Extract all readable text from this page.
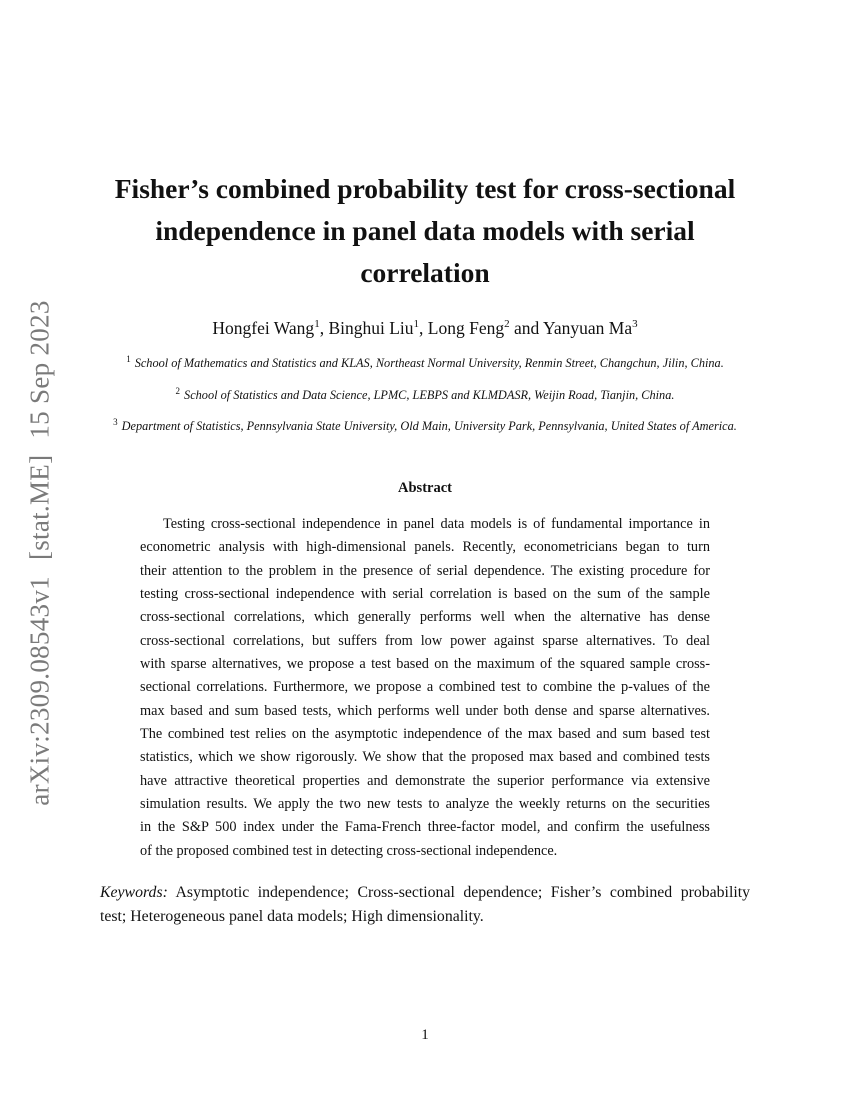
arXiv:2309.08543v1[stat.ME]15 Sep 2023
Fisher’s combined probability test for cross-sectional
independence in panel data models with serial
correlation
Hongfei Wang$^1$, Binghui Liu$^1$, Long Feng$^2$ and Yanyuan Ma$^3$
$^1$ School of Mathematics and Statistics and KLAS, Northeast Normal University, Renmin Street, Changchun, Jilin, China.
$^2$ School of Statistics and Data Science, LPMC, LEBPS and KLMDASR, Weijin Road, Tianjin, China.
$^3$ Department of Statistics, Pennsylvania State University, Old Main, University Park, Pennsylvania, United States of America.
Abstract
Testing cross-sectional independence in panel data models is of fundamental importance in
econometric analysis with high-dimensional panels. Recently, econometricians began to turn
their attention to the problem in the presence of serial dependence. The existing procedure for
testing cross-sectional independence with serial correlation is based on the sum of the sample
cross-sectional correlations, which generally performs well when the alternative has dense
cross-sectional correlations, but suffers from low power against sparse alternatives. To deal
with sparse alternatives, we propose a test based on the maximum of the squared sample cross-
sectional correlations. Furthermore, we propose a combined test to combine the p-values of the
max based and sum based tests, which performs well under both dense and sparse alternatives.
The combined test relies on the asymptotic independence of the max based and sum based test
statistics, which we show rigorously. We show that the proposed max based and combined tests
have attractive theoretical properties and demonstrate the superior performance via extensive
simulation results. We apply the two new tests to analyze the weekly returns on the securities
in the S&P 500 index under the Fama-French three-factor model, and confirm the usefulness
of the proposed combined test in detecting cross-sectional independence.
Keywords: Asymptotic independence; Cross-sectional dependence; Fisher’s combined probability
test; Heterogeneous panel data models; High dimensionality.
1
